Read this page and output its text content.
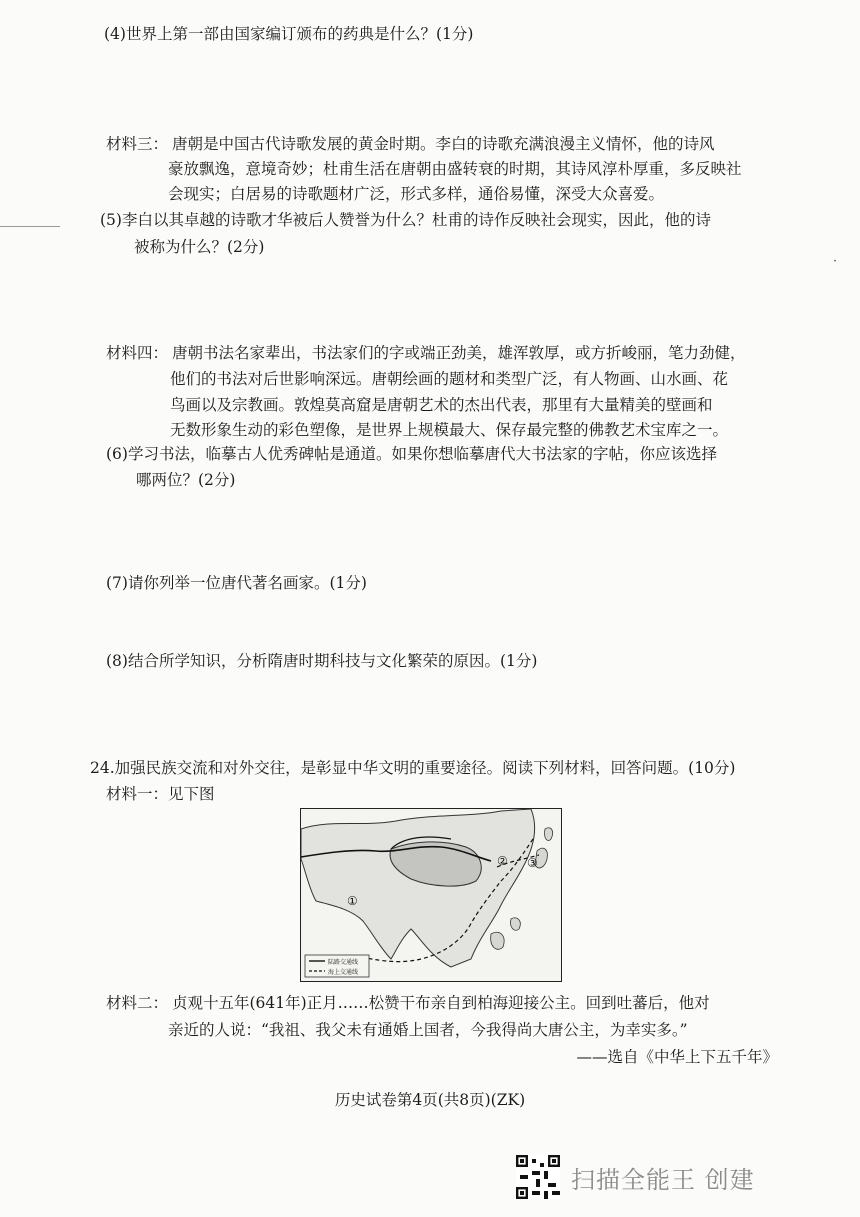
·
(4)世界上第一部由国家编订颁布的药典是什么？(1分)
材料三： 唐朝是中国古代诗歌发展的黄金时期。李白的诗歌充满浪漫主义情怀，他的诗风
豪放飘逸，意境奇妙；杜甫生活在唐朝由盛转衰的时期，其诗风淳朴厚重，多反映社
会现实；白居易的诗歌题材广泛，形式多样，通俗易懂，深受大众喜爱。
(5)李白以其卓越的诗歌才华被后人赞誉为什么？杜甫的诗作反映社会现实，因此，他的诗
被称为什么？(2分)
材料四： 唐朝书法名家辈出，书法家们的字或端正劲美，雄浑敦厚，或方折峻丽，笔力劲健，
他们的书法对后世影响深远。唐朝绘画的题材和类型广泛，有人物画、山水画、花
鸟画以及宗教画。敦煌莫高窟是唐朝艺术的杰出代表，那里有大量精美的壁画和
无数形象生动的彩色塑像，是世界上规模最大、保存最完整的佛教艺术宝库之一。
(6)学习书法，临摹古人优秀碑帖是通道。如果你想临摹唐代大书法家的字帖，你应该选择
哪两位？(2分)
(7)请你列举一位唐代著名画家。(1分)
(8)结合所学知识，分析隋唐时期科技与文化繁荣的原因。(1分)
24.加强民族交流和对外交往，是彰显中华文明的重要途径。阅读下列材料，回答问题。(10分)
材料一：见下图
①
② ③
陆路交通线
海上交通线
材料二： 贞观十五年(641年)正月……松赞干布亲自到柏海迎接公主。回到吐蕃后，他对
亲近的人说：“我祖、我父未有通婚上国者，今我得尚大唐公主，为幸实多。”
——选自《中华上下五千年》
历史试卷第4页(共8页)(ZK)
扫描全能王 创建
